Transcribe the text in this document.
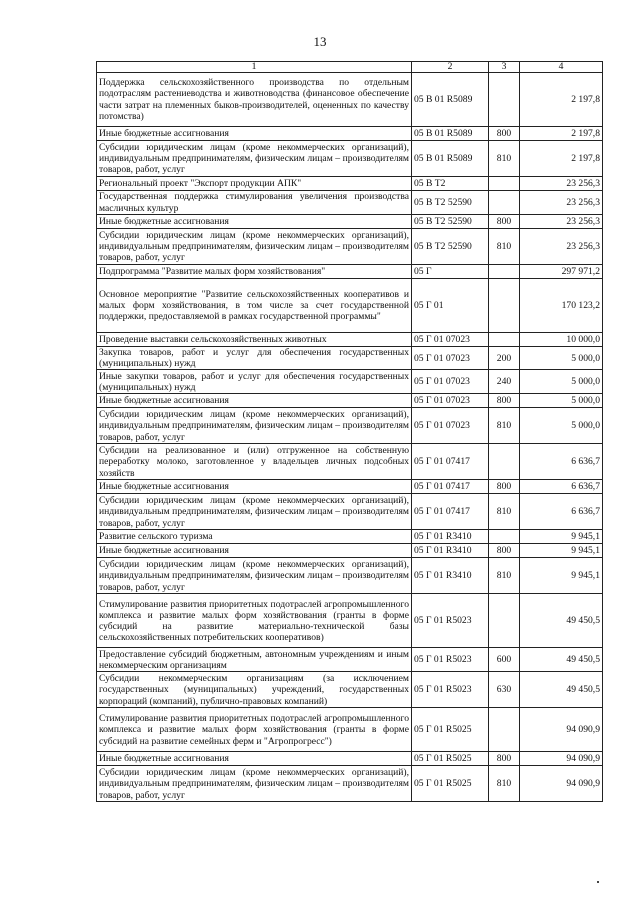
13
1	2	3	4
Поддержка сельскохозяйственного производства по отдельным подотраслям растениеводства и животноводства (финансовое обеспечение части затрат на племенных быков-производителей, оцененных по качеству потомства)	05 В 01 R5089		2 197,8
Иные бюджетные ассигнования	05 В 01 R5089	800	2 197,8
Субсидии юридическим лицам (кроме некоммерческих организаций), индивидуальным предпринимателям, физическим лицам – производителям товаров, работ, услуг	05 В 01 R5089	810	2 197,8
Региональный проект "Экспорт продукции АПК"	05 В Т2		23 256,3
Государственная поддержка стимулирования увеличения производства масличных культур	05 В Т2 52590		23 256,3
Иные бюджетные ассигнования	05 В Т2 52590	800	23 256,3
Субсидии юридическим лицам (кроме некоммерческих организаций), индивидуальным предпринимателям, физическим лицам – производителям товаров, работ, услуг	05 В Т2 52590	810	23 256,3
Подпрограмма "Развитие малых форм хозяйствования"	05 Г		297 971,2
Основное мероприятие "Развитие сельскохозяйственных кооперативов и малых форм хозяйствования, в том числе за счет государственной поддержки, предоставляемой в рамках государственной программы"	05 Г 01		170 123,2
Проведение выставки сельскохозяйственных животных	05 Г 01 07023		10 000,0
Закупка товаров, работ и услуг для обеспечения государственных (муниципальных) нужд	05 Г 01 07023	200	5 000,0
Иные закупки товаров, работ и услуг для обеспечения государственных (муниципальных) нужд	05 Г 01 07023	240	5 000,0
Иные бюджетные ассигнования	05 Г 01 07023	800	5 000,0
Субсидии юридическим лицам (кроме некоммерческих организаций), индивидуальным предпринимателям, физическим лицам – производителям товаров, работ, услуг	05 Г 01 07023	810	5 000,0
Субсидии на реализованное и (или) отгруженное на собственную переработку молоко, заготовленное у владельцев личных подсобных хозяйств	05 Г 01 07417		6 636,7
Иные бюджетные ассигнования	05 Г 01 07417	800	6 636,7
Субсидии юридическим лицам (кроме некоммерческих организаций), индивидуальным предпринимателям, физическим лицам – производителям товаров, работ, услуг	05 Г 01 07417	810	6 636,7
Развитие сельского туризма	05 Г 01 R3410		9 945,1
Иные бюджетные ассигнования	05 Г 01 R3410	800	9 945,1
Субсидии юридическим лицам (кроме некоммерческих организаций), индивидуальным предпринимателям, физическим лицам – производителям товаров, работ, услуг	05 Г 01 R3410	810	9 945,1
Стимулирование развития приоритетных подотраслей агропромышленного комплекса и развитие малых форм хозяйствования (гранты в форме субсидий на развитие материально-технической базы сельскохозяйственных потребительских кооперативов)	05 Г 01 R5023		49 450,5
Предоставление субсидий бюджетным, автономным учреждениям и иным некоммерческим организациям	05 Г 01 R5023	600	49 450,5
Субсидии некоммерческим организациям (за исключением государственных (муниципальных) учреждений, государственных корпораций (компаний), публично-правовых компаний)	05 Г 01 R5023	630	49 450,5
Стимулирование развития приоритетных подотраслей агропромышленного комплекса и развитие малых форм хозяйствования (гранты в форме субсидий на развитие семейных ферм и "Агропрогресс")	05 Г 01 R5025		94 090,9
Иные бюджетные ассигнования	05 Г 01 R5025	800	94 090,9
Субсидии юридическим лицам (кроме некоммерческих организаций), индивидуальным предпринимателям, физическим лицам – производителям товаров, работ, услуг	05 Г 01 R5025	810	94 090,9
